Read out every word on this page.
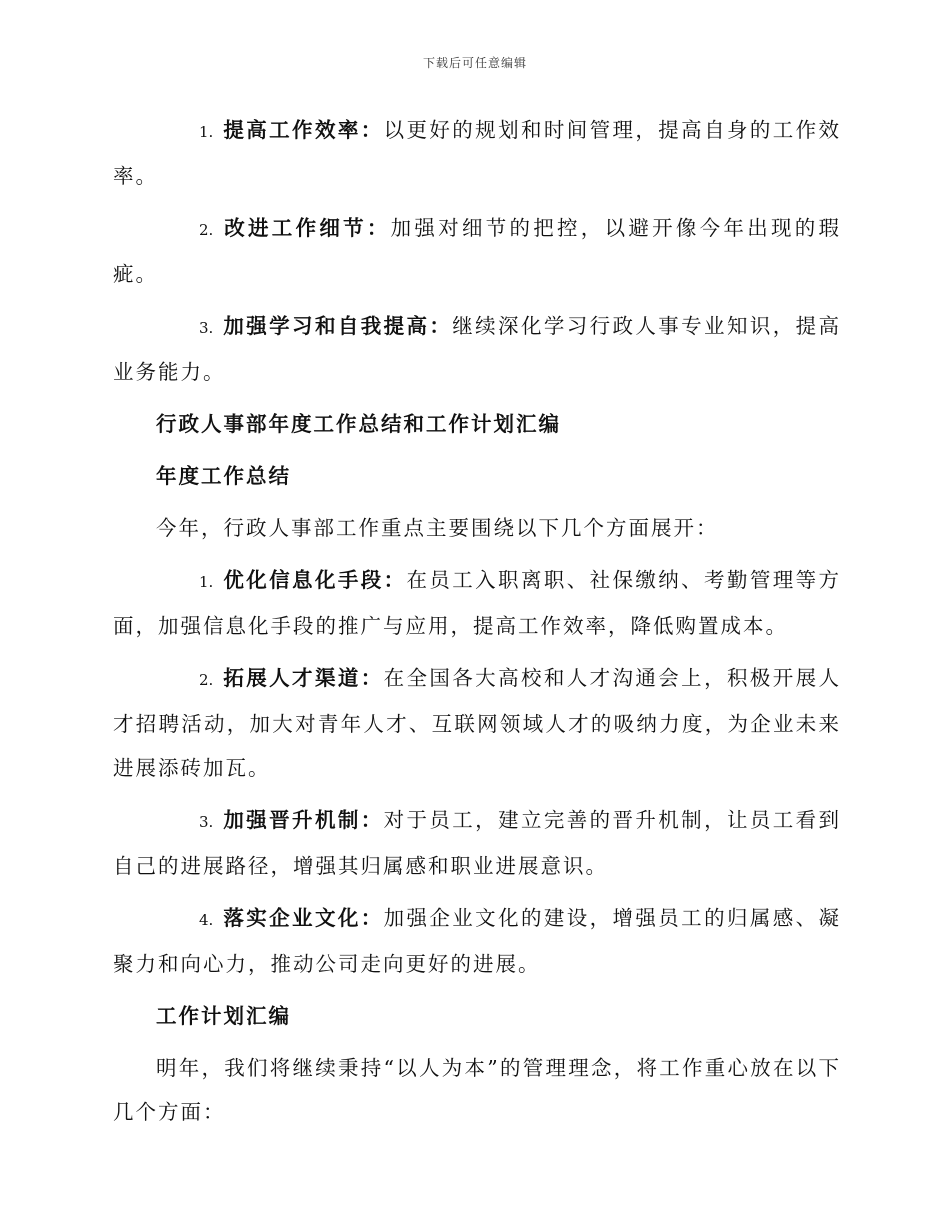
下载后可任意编辑

1. 提高工作效率：以更好的规划和时间管理，提高自身的工作效率。

2. 改进工作细节：加强对细节的把控，以避开像今年出现的瑕疵。

3. 加强学习和自我提高：继续深化学习行政人事专业知识，提高业务能力。

行政人事部年度工作总结和工作计划汇编

年度工作总结

今年，行政人事部工作重点主要围绕以下几个方面展开：

1. 优化信息化手段：在员工入职离职、社保缴纳、考勤管理等方面，加强信息化手段的推广与应用，提高工作效率，降低购置成本。

2. 拓展人才渠道：在全国各大高校和人才沟通会上，积极开展人才招聘活动，加大对青年人才、互联网领域人才的吸纳力度，为企业未来进展添砖加瓦。

3. 加强晋升机制：对于员工，建立完善的晋升机制，让员工看到自己的进展路径，增强其归属感和职业进展意识。

4. 落实企业文化：加强企业文化的建设，增强员工的归属感、凝聚力和向心力，推动公司走向更好的进展。

工作计划汇编

明年，我们将继续秉持“以人为本”的管理理念，将工作重心放在以下几个方面：
